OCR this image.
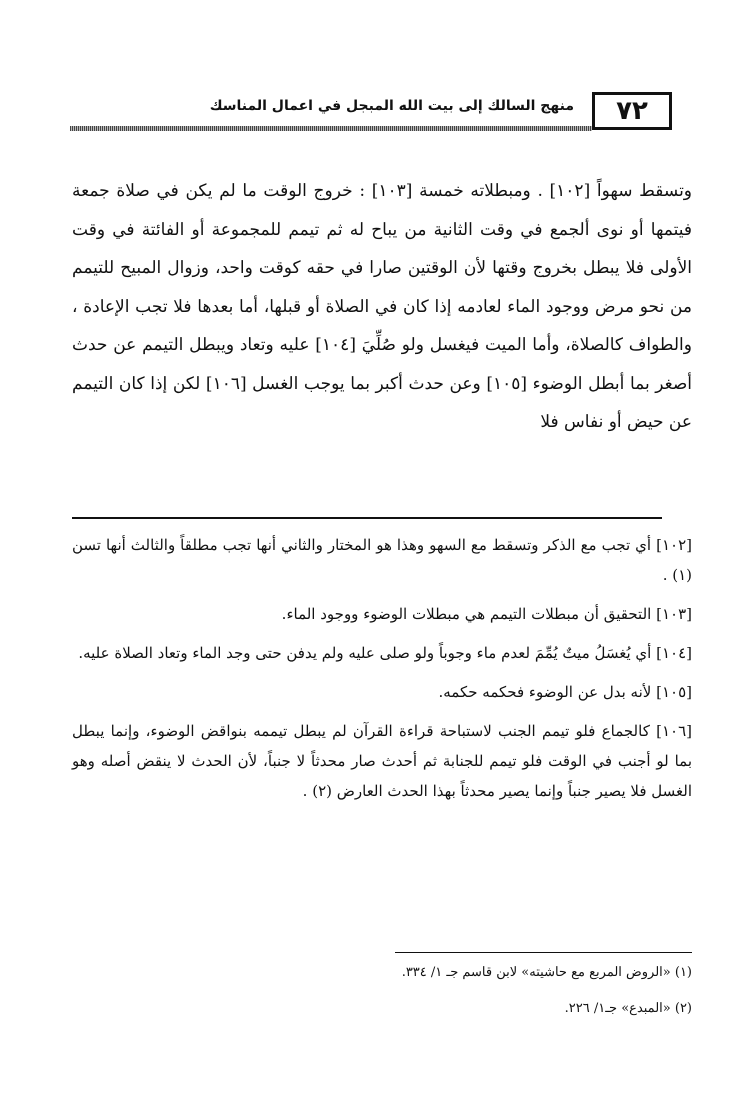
٧٢
منهج السالك إلى بيت الله المبجل في اعمال المناسك

وتسقط سهواً [١٠٢] . ومبطلاته خمسة [١٠٣] : خروج الوقت ما لم يكن في صلاة جمعة فيتمها أو نوى ألجمع في وقت الثانية من يباح له ثم تيمم للمجموعة أو الفائتة في وقت الأولى فلا يبطل بخروج وقتها لأن الوقتين صارا في حقه كوقت واحد، وزوال المبيح للتيمم من نحو مرض ووجود الماء لعادمه إذا كان في الصلاة أو قبلها، أما بعدها فلا تجب الإعادة ، والطواف كالصلاة، وأما الميت فيغسل ولو صُلِّيَ [١٠٤] عليه وتعاد ويبطل التيمم عن حدث أصغر بما أبطل الوضوء [١٠٥] وعن حدث أكبر بما يوجب الغسل [١٠٦] لكن إذا كان التيمم عن حيض أو نفاس فلا

[١٠٢] أي تجب مع الذكر وتسقط مع السهو وهذا هو المختار والثاني أنها تجب مطلقاً والثالث أنها تسن (١) .

[١٠٣] التحقيق أن مبطلات التيمم هي مبطلات الوضوء ووجود الماء.

[١٠٤] أي يُغسَلُ ميتٌ يُمِّمَ لعدم ماء وجوباً ولو صلى عليه ولم يدفن حتى وجد الماء وتعاد الصلاة عليه.

[١٠٥] لأنه بدل عن الوضوء فحكمه حكمه.

[١٠٦] كالجماع فلو تيمم الجنب لاستباحة قراءة القرآن لم يبطل تيممه بنواقض الوضوء، وإنما يبطل بما لو أجنب في الوقت فلو تيمم للجنابة ثم أحدث صار محدثاً لا جنباً، لأن الحدث لا ينقض أصله وهو الغسل فلا يصير جنباً وإنما يصير محدثاً بهذا الحدث العارض (٢) .

(١) «الروض المربع مع حاشيته» لابن قاسم جـ ١/ ٣٣٤.

(٢) «المبدع» جـ١/ ٢٢٦.
